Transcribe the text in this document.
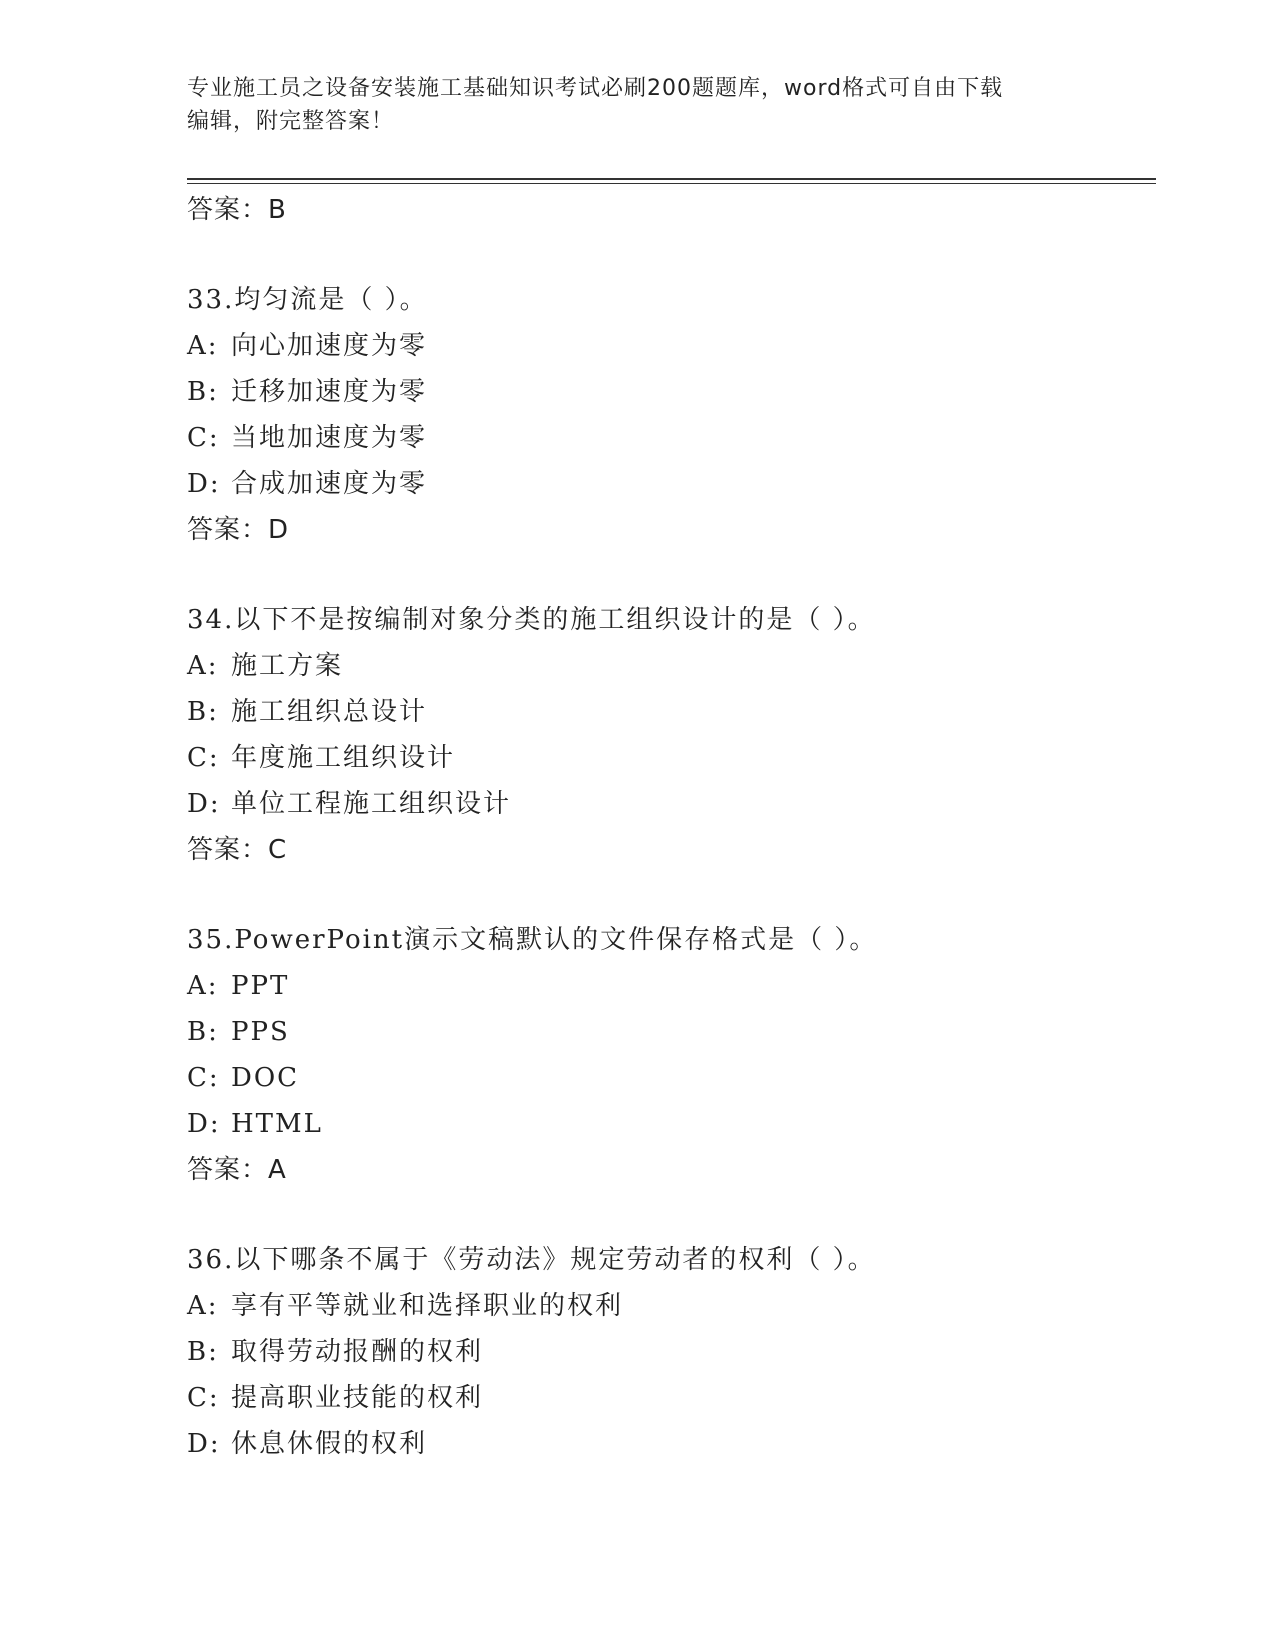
专业施工员之设备安装施工基础知识考试必刷200题题库，word格式可自由下载
编辑，附完整答案！
答案：B
33.均匀流是（ ）。
A: 向心加速度为零
B: 迁移加速度为零
C: 当地加速度为零
D: 合成加速度为零
答案：D
34.以下不是按编制对象分类的施工组织设计的是（ ）。
A: 施工方案
B: 施工组织总设计
C: 年度施工组织设计
D: 单位工程施工组织设计
答案：C
35.PowerPoint演示文稿默认的文件保存格式是（ ）。
A: PPT
B: PPS
C: DOC
D: HTML
答案：A
36.以下哪条不属于《劳动法》规定劳动者的权利（ ）。
A: 享有平等就业和选择职业的权利
B: 取得劳动报酬的权利
C: 提高职业技能的权利
D: 休息休假的权利
